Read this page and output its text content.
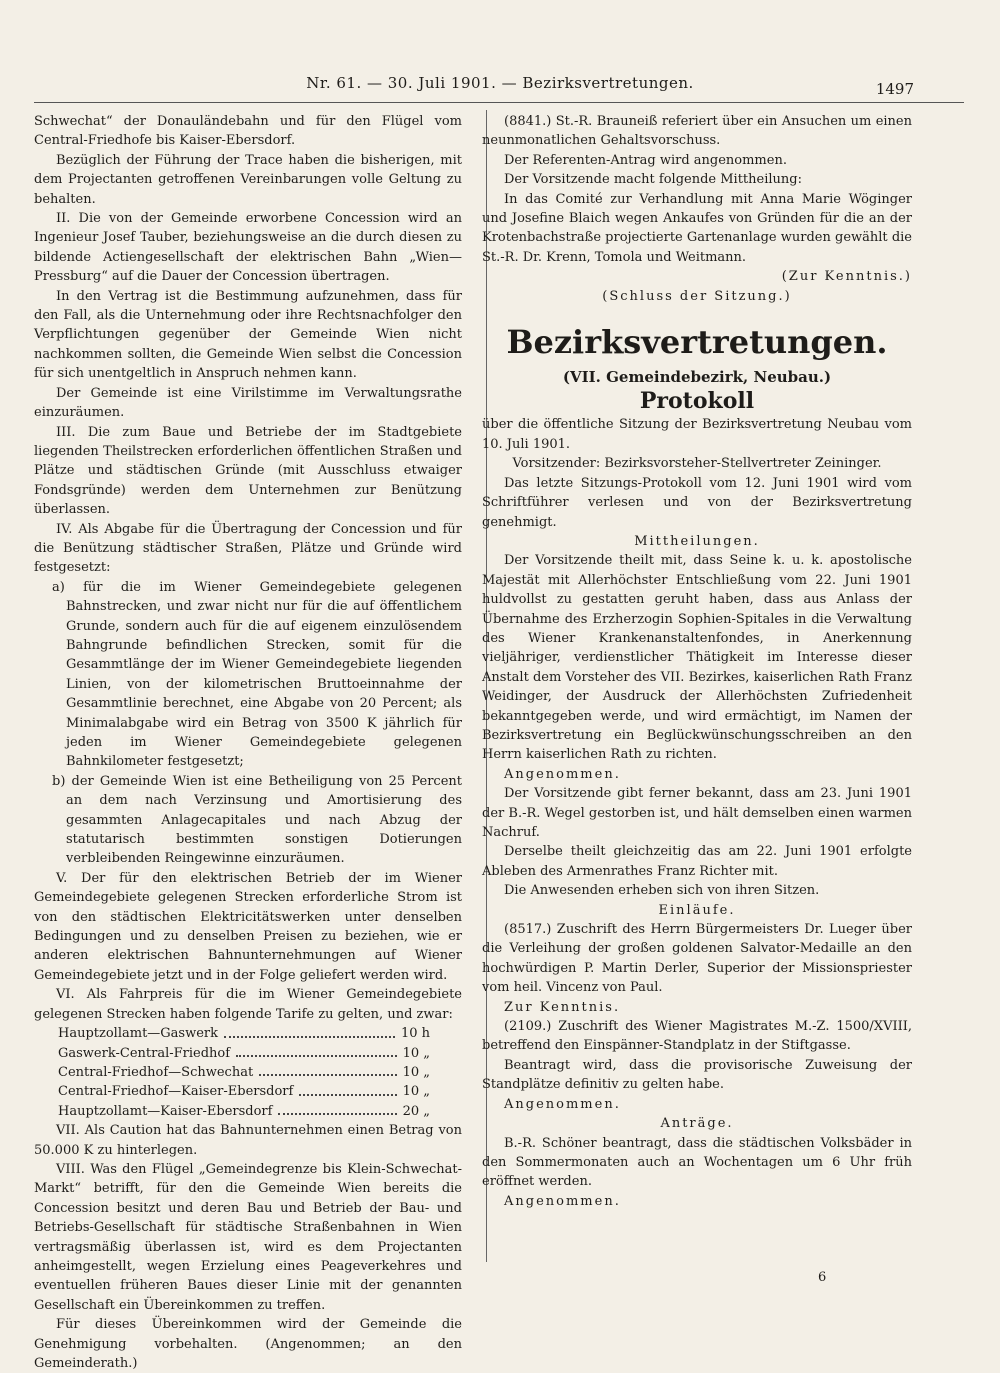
Nr. 61. — 30. Juli 1901. — Bezirksvertretungen.	1497

Schwechat“ der Donauländebahn und für den Flügel vom Central-Friedhofe bis Kaiser-Ebersdorf.

Bezüglich der Führung der Trace haben die bisherigen, mit dem Projectanten getroffenen Vereinbarungen volle Geltung zu behalten.

II. Die von der Gemeinde erworbene Concession wird an Ingenieur Josef Tauber, beziehungsweise an die durch diesen zu bildende Actiengesellschaft der elektrischen Bahn „Wien—Pressburg“ auf die Dauer der Concession übertragen.

In den Vertrag ist die Bestimmung aufzunehmen, dass für den Fall, als die Unternehmung oder ihre Rechtsnachfolger den Verpflichtungen gegenüber der Gemeinde Wien nicht nachkommen sollten, die Gemeinde Wien selbst die Concession für sich unentgeltlich in Anspruch nehmen kann.

Der Gemeinde ist eine Virilstimme im Verwaltungsrathe einzuräumen.

III. Die zum Baue und Betriebe der im Stadtgebiete liegenden Theilstrecken erforderlichen öffentlichen Straßen und Plätze und städtischen Gründe (mit Ausschluss etwaiger Fondsgründe) werden dem Unternehmen zur Benützung überlassen.

IV. Als Abgabe für die Übertragung der Concession und für die Benützung städtischer Straßen, Plätze und Gründe wird festgesetzt:

a) für die im Wiener Gemeindegebiete gelegenen Bahnstrecken, und zwar nicht nur für die auf öffentlichem Grunde, sondern auch für die auf eigenem einzulösendem Bahngrunde befindlichen Strecken, somit für die Gesammtlänge der im Wiener Gemeindegebiete liegenden Linien, von der kilometrischen Bruttoeinnahme der Gesammtlinie berechnet, eine Abgabe von 20 Percent; als Minimalabgabe wird ein Betrag von 3500 K jährlich für jeden im Wiener Gemeindegebiete gelegenen Bahnkilometer festgesetzt;

b) der Gemeinde Wien ist eine Betheiligung von 25 Percent an dem nach Verzinsung und Amortisierung des gesammten Anlagecapitales und nach Abzug der statutarisch bestimmten sonstigen Dotierungen verbleibenden Reingewinne einzuräumen.

V. Der für den elektrischen Betrieb der im Wiener Gemeindegebiete gelegenen Strecken erforderliche Strom ist von den städtischen Elektricitätswerken unter denselben Bedingungen und zu denselben Preisen zu beziehen, wie er anderen elektrischen Bahnunternehmungen auf Wiener Gemeindegebiete jetzt und in der Folge geliefert werden wird.

VI. Als Fahrpreis für die im Wiener Gemeindegebiete gelegenen Strecken haben folgende Tarife zu gelten, und zwar:

Hauptzollamt—Gaswerk	10 h
Gaswerk-Central-Friedhof	10 „
Central-Friedhof—Schwechat	10 „
Central-Friedhof—Kaiser-Ebersdorf	10 „
Hauptzollamt—Kaiser-Ebersdorf	20 „

VII. Als Caution hat das Bahnunternehmen einen Betrag von 50.000 K zu hinterlegen.

VIII. Was den Flügel „Gemeindegrenze bis Klein-Schwechat-Markt“ betrifft, für den die Gemeinde Wien bereits die Concession besitzt und deren Bau und Betrieb der Bau- und Betriebs-Gesellschaft für städtische Straßenbahnen in Wien vertragsmäßig überlassen ist, wird es dem Projectanten anheimgestellt, wegen Erzielung eines Peageverkehres und eventuellen früheren Baues dieser Linie mit der genannten Gesellschaft ein Übereinkommen zu treffen.

Für dieses Übereinkommen wird der Gemeinde die Genehmigung vorbehalten. (Angenommen; an den Gemeinderath.)

(8841.) St.-R. Brauneiß referiert über ein Ansuchen um einen neunmonatlichen Gehaltsvorschuss.

Der Referenten-Antrag wird angenommen.

Der Vorsitzende macht folgende Mittheilung:

In das Comité zur Verhandlung mit Anna Marie Wöginger und Josefine Blaich wegen Ankaufes von Gründen für die an der Krotenbachstraße projectierte Gartenanlage wurden gewählt die St.-R. Dr. Krenn, Tomola und Weitmann.

(Zur Kenntnis.)

(Schluss der Sitzung.)

Bezirksvertretungen.
(VII. Gemeindebezirk, Neubau.)
Protokoll

über die öffentliche Sitzung der Bezirksvertretung Neubau vom 10. Juli 1901.

Vorsitzender: Bezirksvorsteher-Stellvertreter Zeininger.

Das letzte Sitzungs-Protokoll vom 12. Juni 1901 wird vom Schriftführer verlesen und von der Bezirksvertretung genehmigt.

Mittheilungen.

Der Vorsitzende theilt mit, dass Seine k. u. k. apostolische Majestät mit Allerhöchster Entschließung vom 22. Juni 1901 huldvollst zu gestatten geruht haben, dass aus Anlass der Übernahme des Erzherzogin Sophien-Spitales in die Verwaltung des Wiener Krankenanstaltenfondes, in Anerkennung vieljähriger, verdienstlicher Thätigkeit im Interesse dieser Anstalt dem Vorsteher des VII. Bezirkes, kaiserlichen Rath Franz Weidinger, der Ausdruck der Allerhöchsten Zufriedenheit bekanntgegeben werde, und wird ermächtigt, im Namen der Bezirksvertretung ein Beglückwünschungsschreiben an den Herrn kaiserlichen Rath zu richten.

Angenommen.

Der Vorsitzende gibt ferner bekannt, dass am 23. Juni 1901 der B.-R. Wegel gestorben ist, und hält demselben einen warmen Nachruf.

Derselbe theilt gleichzeitig das am 22. Juni 1901 erfolgte Ableben des Armenrathes Franz Richter mit.

Die Anwesenden erheben sich von ihren Sitzen.

Einläufe.

(8517.) Zuschrift des Herrn Bürgermeisters Dr. Lueger über die Verleihung der großen goldenen Salvator-Medaille an den hochwürdigen P. Martin Derler, Superior der Missionspriester vom heil. Vincenz von Paul.

Zur Kenntnis.

(2109.) Zuschrift des Wiener Magistrates M.-Z. 1500/XVIII, betreffend den Einspänner-Standplatz in der Stiftgasse.

Beantragt wird, dass die provisorische Zuweisung der Standplätze definitiv zu gelten habe.

Angenommen.

Anträge.

B.-R. Schöner beantragt, dass die städtischen Volksbäder in den Sommermonaten auch an Wochentagen um 6 Uhr früh eröffnet werden.

Angenommen.

6
